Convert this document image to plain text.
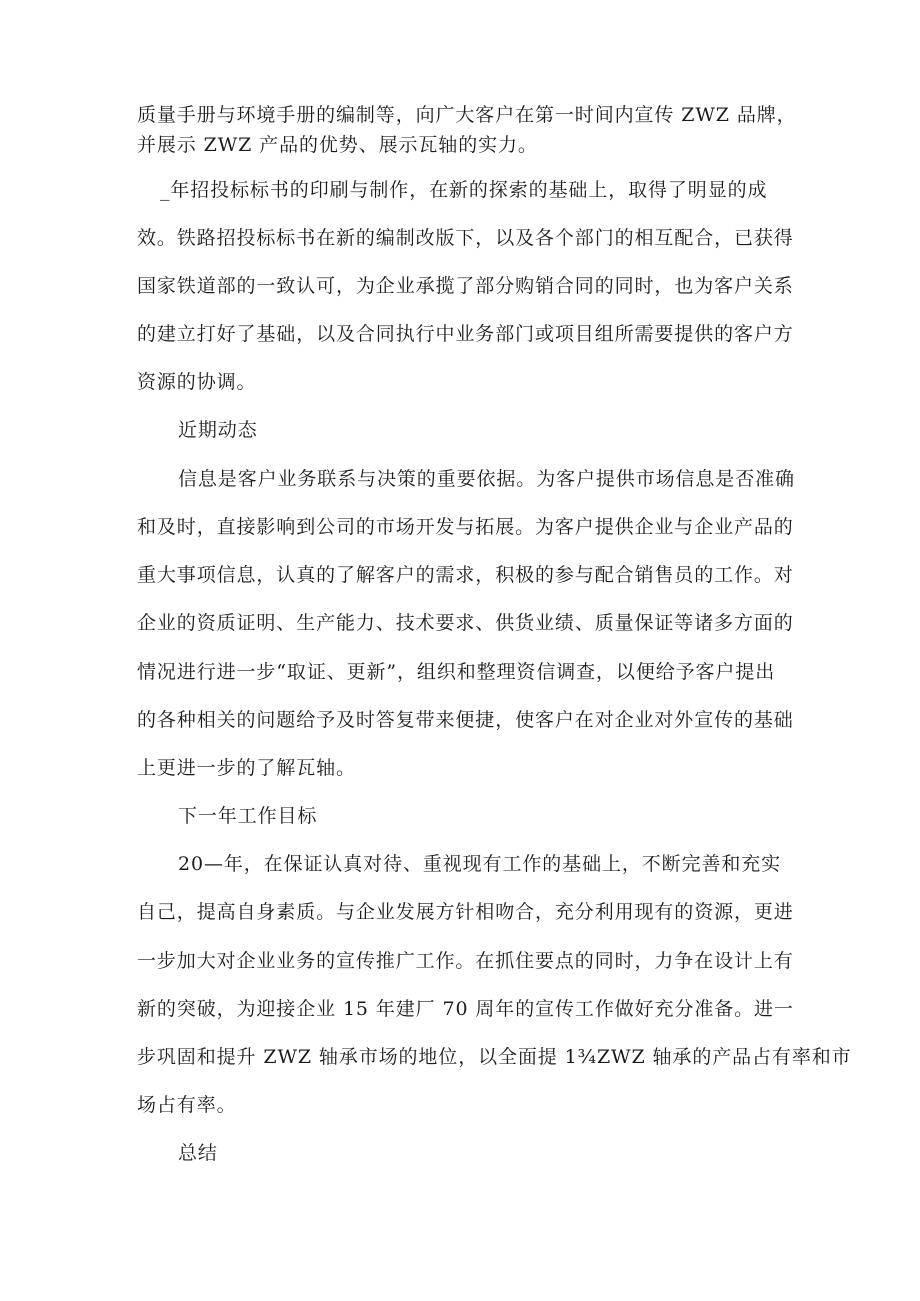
质量手册与环境手册的编制等，向广大客户在第一时间内宣传 ZWZ 品牌，

并展示 ZWZ 产品的优势、展示瓦轴的实力。

_年招投标标书的印刷与制作，在新的探索的基础上，取得了明显的成

效。铁路招投标标书在新的编制改版下，以及各个部门的相互配合，已获得

国家铁道部的一致认可，为企业承揽了部分购销合同的同时，也为客户关系

的建立打好了基础，以及合同执行中业务部门或项目组所需要提供的客户方

资源的协调。

近期动态

信息是客户业务联系与决策的重要依据。为客户提供市场信息是否准确

和及时，直接影响到公司的市场开发与拓展。为客户提供企业与企业产品的

重大事项信息，认真的了解客户的需求，积极的参与配合销售员的工作。对

企业的资质证明、生产能力、技术要求、供货业绩、质量保证等诸多方面的

情况进行进一步“取证、更新”，组织和整理资信调查，以便给予客户提出

的各种相关的问题给予及时答复带来便捷，使客户在对企业对外宣传的基础

上更进一步的了解瓦轴。

下一年工作目标

20—年，在保证认真对待、重视现有工作的基础上，不断完善和充实

自己，提高自身素质。与企业发展方针相吻合，充分利用现有的资源，更进

一步加大对企业业务的宣传推广工作。在抓住要点的同时，力争在设计上有

新的突破，为迎接企业 15 年建厂 70 周年的宣传工作做好充分准备。进一

步巩固和提升 ZWZ 轴承市场的地位，以全面提 1¾ZWZ 轴承的产品占有率和市

场占有率。

总结
